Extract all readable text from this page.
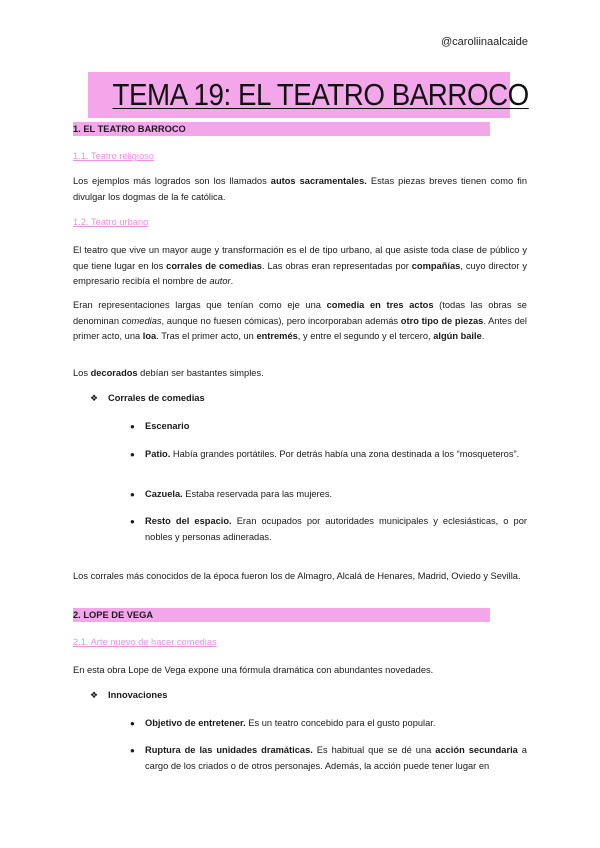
@caroliinaalcaide
TEMA 19: EL TEATRO BARROCO
1. EL TEATRO BARROCO
1.1. Teatro religioso
Los ejemplos más logrados son los llamados autos sacramentales. Estas piezas breves tienen como fin divulgar los dogmas de la fe católica.
1.2. Teatro urbano
El teatro que vive un mayor auge y transformación es el de tipo urbano, al que asiste toda clase de público y que tiene lugar en los corrales de comedias. Las obras eran representadas por compañías, cuyo director y empresario recibía el nombre de autor.
Eran representaciones largas que tenían como eje una comedia en tres actos (todas las obras se denominan comedias, aunque no fuesen cómicas), pero incorporaban además otro tipo de piezas. Antes del primer acto, una loa. Tras el primer acto, un entremés, y entre el segundo y el tercero, algún baile.
Los decorados debían ser bastantes simples.
❖ Corrales de comedias
● Escenario
● Patio. Había grandes portátiles. Por detrás había una zona destinada a los “mosqueteros”.
● Cazuela. Estaba reservada para las mujeres.
● Resto del espacio. Eran ocupados por autoridades municipales y eclesiásticas, o por nobles y personas adineradas.
Los corrales más conocidos de la época fueron los de Almagro, Alcalá de Henares, Madrid, Oviedo y Sevilla.
2. LOPE DE VEGA
2.1. Arte nuevo de hacer comedias
En esta obra Lope de Vega expone una fórmula dramática con abundantes novedades.
❖ Innovaciones
● Objetivo de entretener. Es un teatro concebido para el gusto popular.
● Ruptura de las unidades dramáticas. Es habitual que se dé una acción secundaria a cargo de los criados o de otros personajes. Además, la acción puede tener lugar en
